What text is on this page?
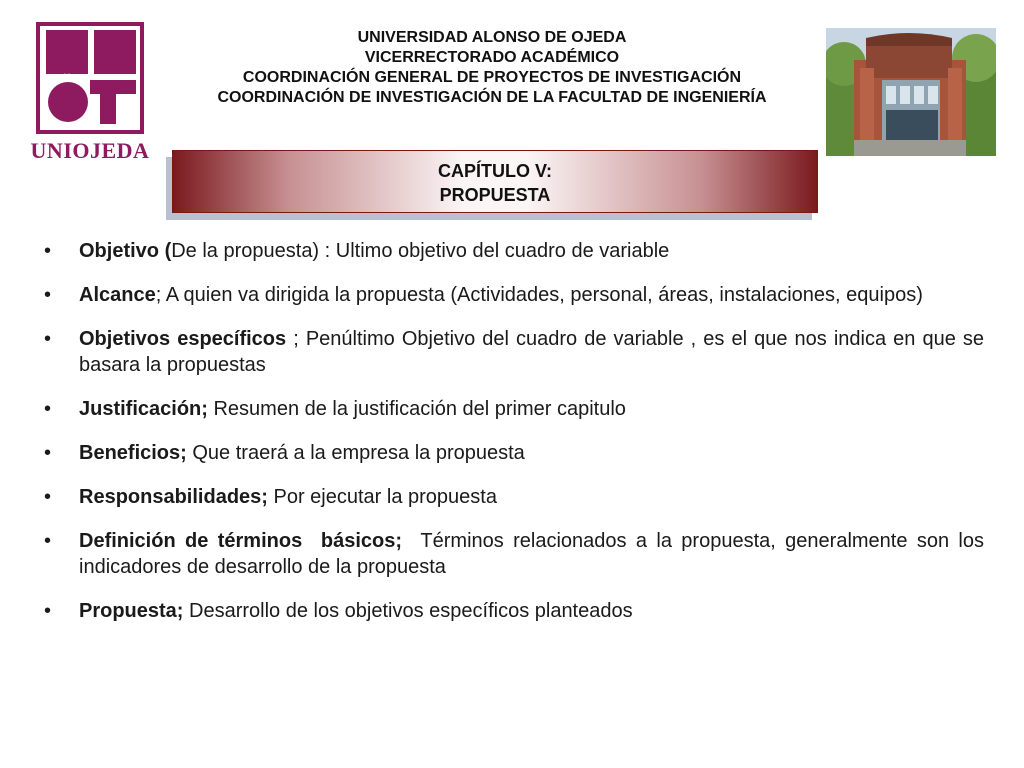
UNIOJEDA
UNIVERSIDAD ALONSO DE OJEDA
VICERRECTORADO ACADÉMICO
COORDINACIÓN GENERAL DE PROYECTOS DE INVESTIGACIÓN
COORDINACIÓN DE INVESTIGACIÓN DE LA FACULTAD DE INGENIERÍA
CAPÍTULO V:
PROPUESTA
• Objetivo (De la propuesta) : Ultimo objetivo del cuadro de variable
• Alcance; A quien va dirigida la propuesta (Actividades, personal, áreas, instalaciones, equipos)
• Objetivos específicos ; Penúltimo Objetivo del cuadro de variable , es el que nos indica en que se basara la propuestas
• Justificación; Resumen de la justificación del primer capitulo
• Beneficios; Que traerá a la empresa la propuesta
• Responsabilidades; Por ejecutar la propuesta
• Definición de términos  básicos;  Términos relacionados a la propuesta, generalmente son los indicadores de desarrollo de la propuesta
• Propuesta; Desarrollo de los objetivos específicos planteados
